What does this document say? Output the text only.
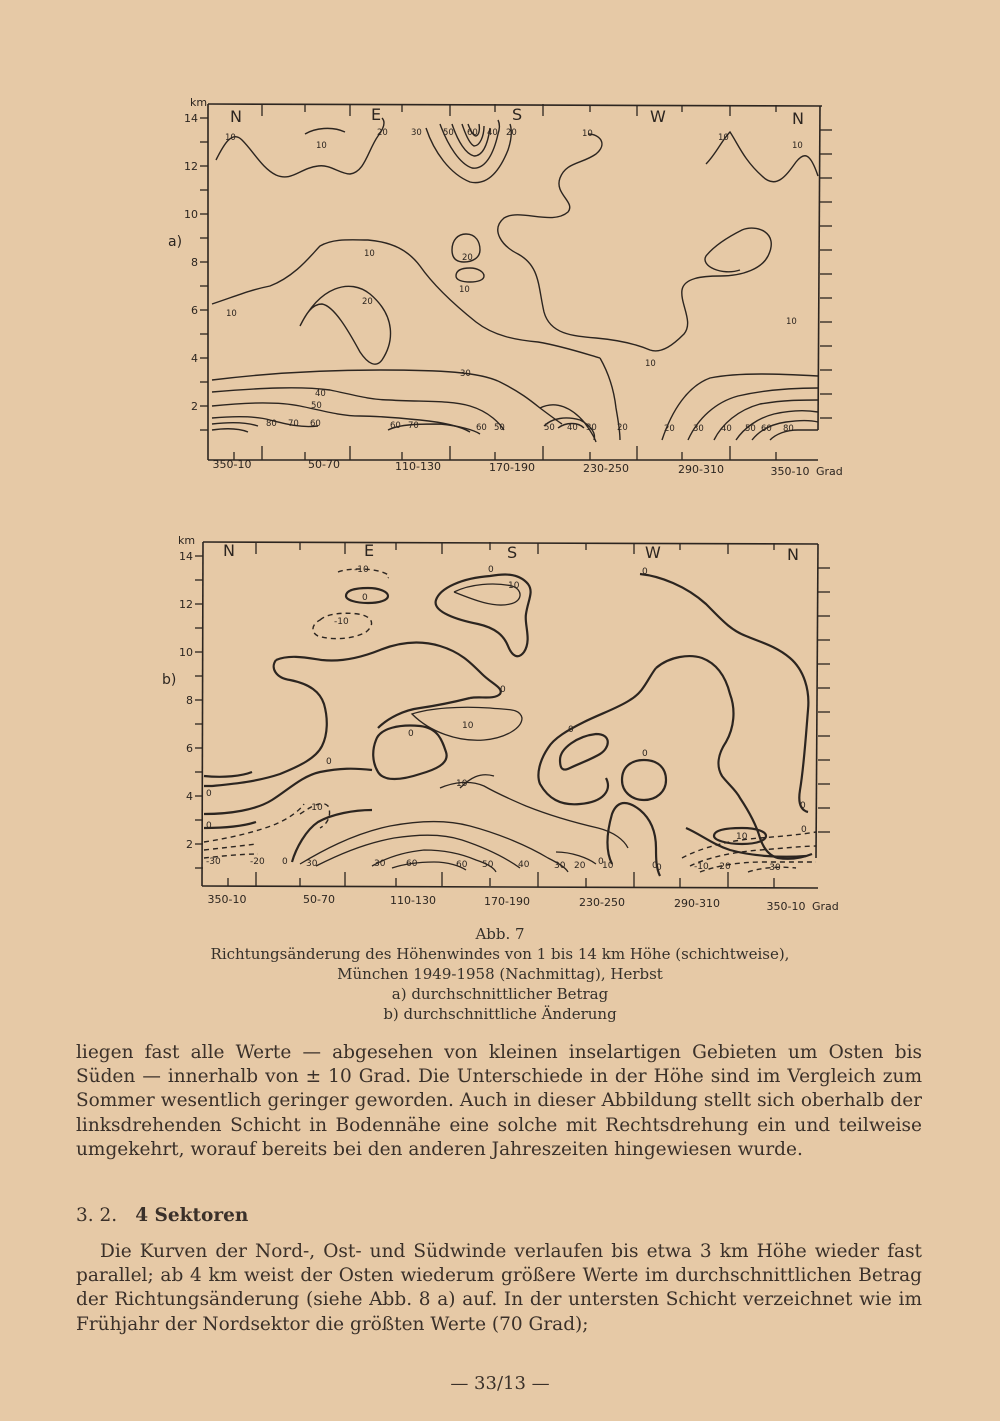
km
14
12
10
8
6
4
2
a)
N	E	S	W	N
350-10	50-70	110-130	170-190	230-250	290-310	350-10 Grad
10
10
20	30 50 60 40 20	10	10
10
10	20
10
20
10
10
10
30
40
50
80 70 60	60 70	60 50	50 40 30 20	20 30 40 50 60 80
km
14
12
10
8
6
4
2
b)
N	E	S	W	N
350-10	50-70	110-130	170-190	230-250	290-310	350-10 Grad
-10
0
-10
0
10
0
0
0
10	0
0
0
0
10
0
-10
0	0
10
0
0
-30	-20 0 30	30 60	60 50	40	30 20 10	0	-10 -20	-30
Abb. 7
Richtungsänderung des Höhenwindes von 1 bis 14 km Höhe (schichtweise),
München 1949-1958 (Nachmittag), Herbst
a) durchschnittlicher Betrag
b) durchschnittliche Änderung
liegen fast alle Werte — abgesehen von kleinen inselartigen Gebieten um Osten bis Süden — innerhalb von ± 10 Grad. Die Unterschiede in der Höhe sind im Vergleich zum Sommer wesentlich geringer geworden. Auch in dieser Abbildung stellt sich oberhalb der linksdrehenden Schicht in Bodennähe eine solche mit Rechtsdrehung ein und teilweise umgekehrt, worauf bereits bei den anderen Jahreszeiten hingewiesen wurde.
3. 2. 4 Sektoren
Die Kurven der Nord-, Ost- und Südwinde verlaufen bis etwa 3 km Höhe wieder fast parallel; ab 4 km weist der Osten wiederum größere Werte im durchschnittlichen Betrag der Richtungsänderung (siehe Abb. 8 a) auf. In der untersten Schicht verzeichnet wie im Frühjahr der Nordsektor die größten Werte (70 Grad);
— 33/13 —
